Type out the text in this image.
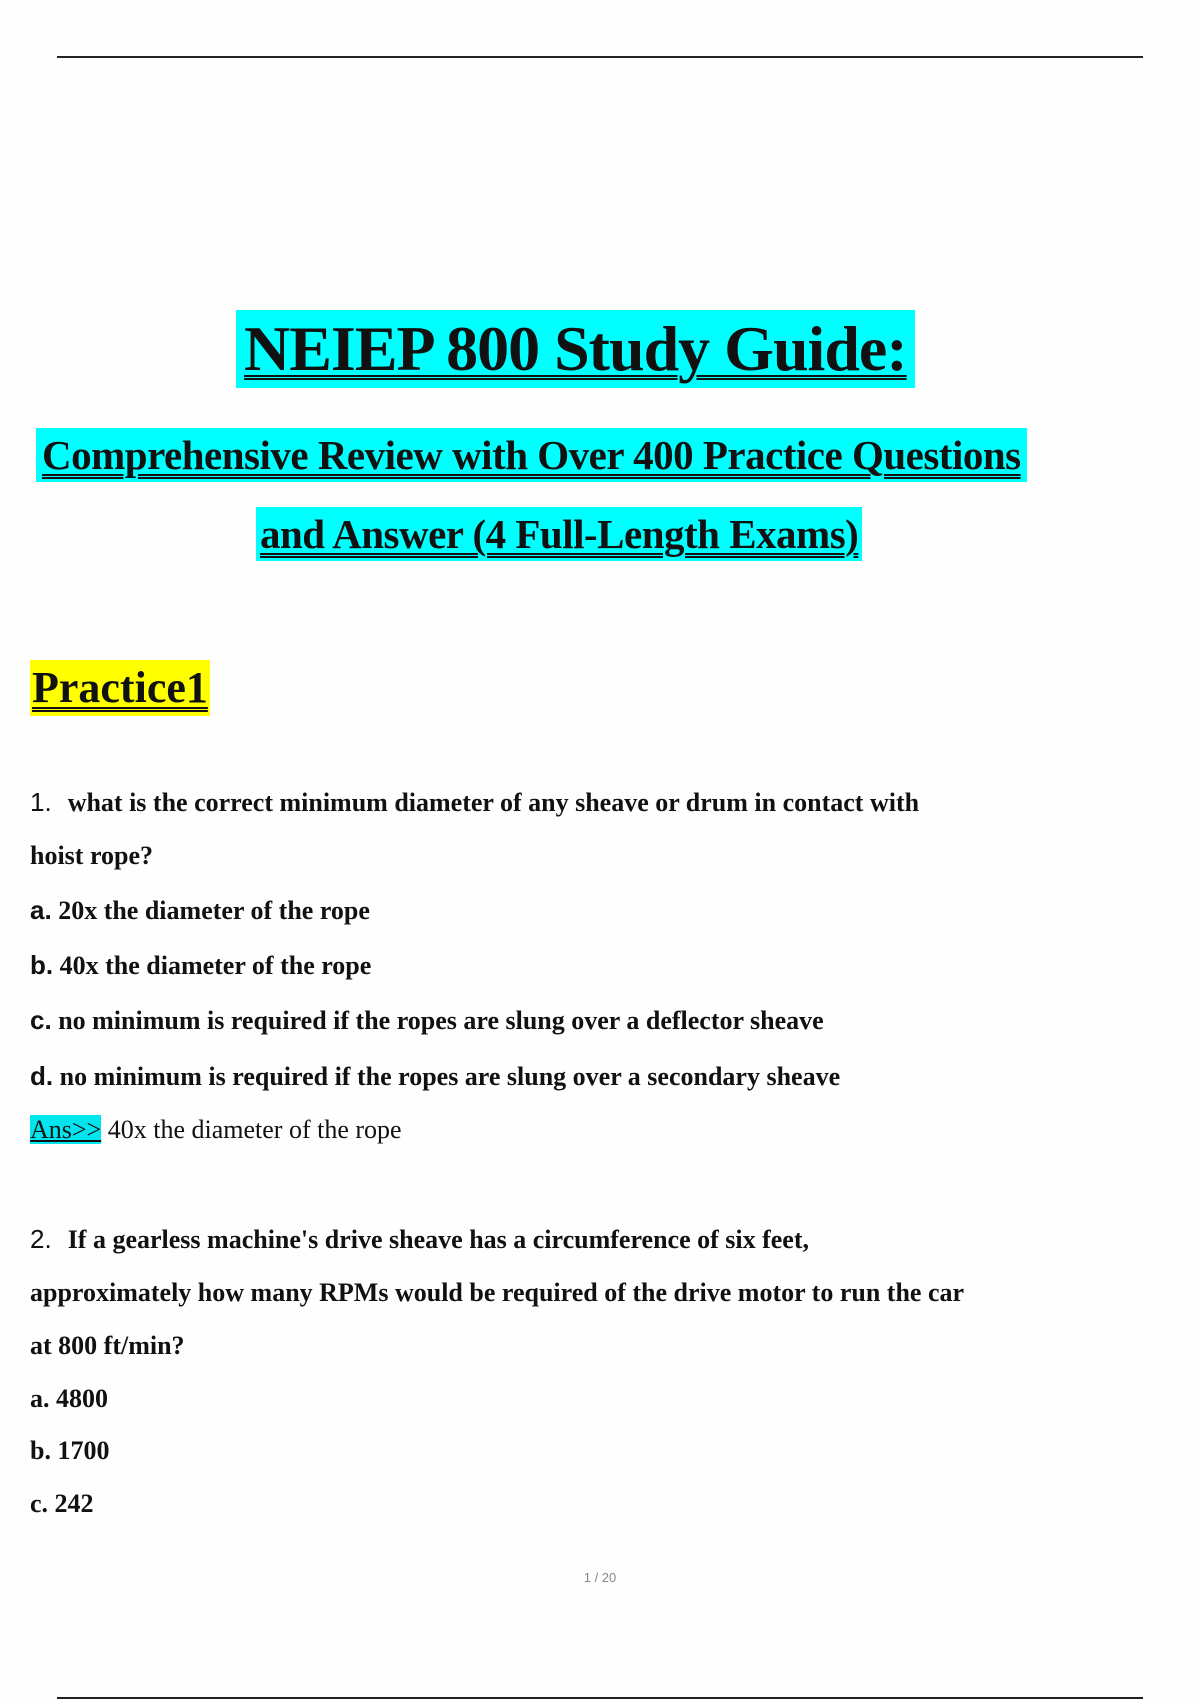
NEIEP 800 Study Guide:
Comprehensive Review with Over 400 Practice Questions
and Answer (4 Full-Length Exams)
Practice1
1. what is the correct minimum diameter of any sheave or drum in contact with
hoist rope?
a. 20x the diameter of the rope
b. 40x the diameter of the rope
c. no minimum is required if the ropes are slung over a deflector sheave
d. no minimum is required if the ropes are slung over a secondary sheave
Ans>> 40x the diameter of the rope
2. If a gearless machine's drive sheave has a circumference of six feet,
approximately how many RPMs would be required of the drive motor to run the car
at 800 ft/min?
a. 4800
b. 1700
c. 242
1 / 20
